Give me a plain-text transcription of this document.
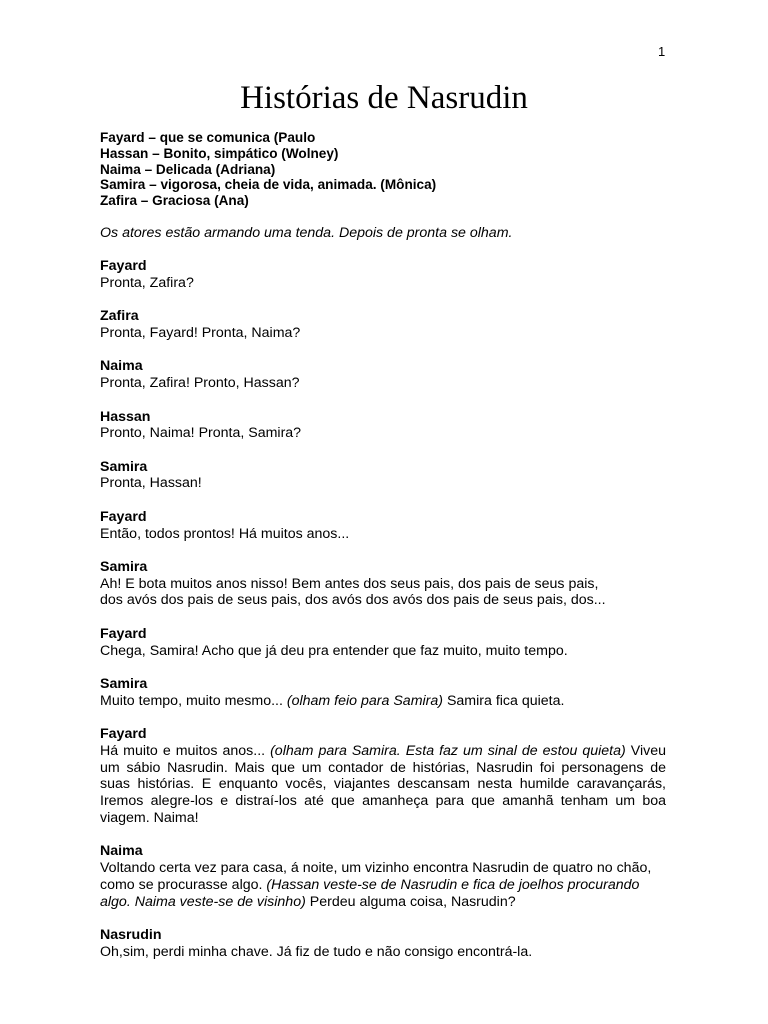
1
Histórias de Nasrudin
Fayard – que se comunica (Paulo
Hassan – Bonito, simpático (Wolney)
Naima – Delicada (Adriana)
Samira – vigorosa, cheia de vida, animada. (Mônica)
Zafira – Graciosa (Ana)
Os atores estão armando uma tenda. Depois de pronta se olham.
Fayard
Pronta, Zafira?
Zafira
Pronta, Fayard! Pronta, Naima?
Naima
Pronta, Zafira! Pronto, Hassan?
Hassan
Pronto, Naima! Pronta, Samira?
Samira
Pronta, Hassan!
Fayard
Então, todos prontos! Há muitos anos...
Samira
Ah! E bota muitos anos nisso! Bem antes dos seus pais, dos pais de seus pais,
dos avós dos pais de seus pais, dos avós dos avós dos pais de seus pais, dos...
Fayard
Chega, Samira! Acho que já deu pra entender que faz muito, muito tempo.
Samira
Muito tempo, muito mesmo... (olham feio para Samira) Samira fica quieta.
Fayard
Há muito e muitos anos... (olham para Samira. Esta faz um sinal de estou quieta) Viveu um sábio Nasrudin. Mais que um contador de histórias, Nasrudin foi personagens de suas histórias. E enquanto vocês, viajantes descansam nesta humilde caravançarás, Iremos alegre-los e distraí-los até que amanheça para que amanhã tenham um boa viagem. Naima!
Naima
Voltando certa vez para casa, á noite, um vizinho encontra Nasrudin de quatro no chão, como se procurasse algo. (Hassan veste-se de Nasrudin e fica de joelhos procurando algo. Naima veste-se de visinho) Perdeu alguma coisa, Nasrudin?
Nasrudin
Oh,sim, perdi minha chave. Já fiz de tudo e não consigo encontrá-la.
